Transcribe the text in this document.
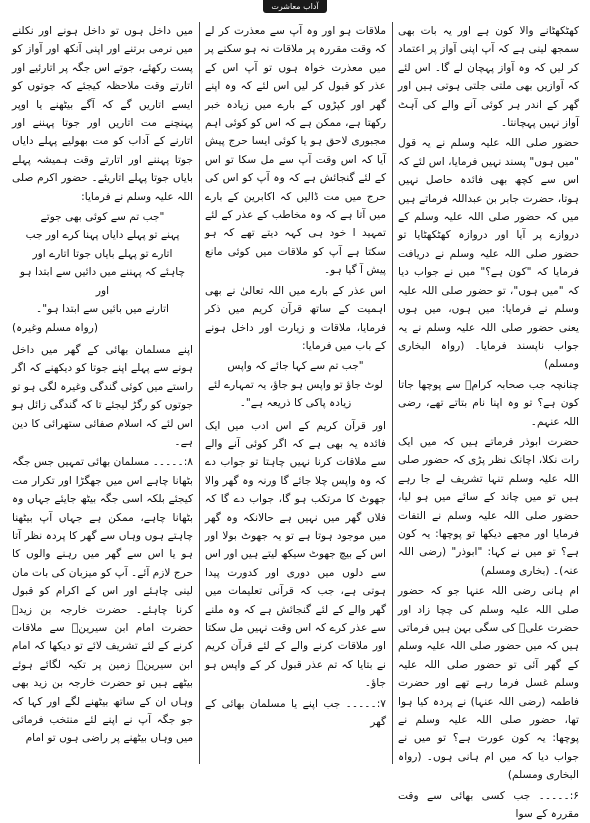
آداب معاشرت

کھٹکھٹانے والا کون ہے اور یہ بات بھی سمجھ لینی ہے کہ آپ اپنی آواز پر اعتماد کر لیں کہ وہ آواز پہچان لے گا۔ اس لئے کہ آوازیں بھی ملتی جلتی ہوتی ہیں اور گھر کے اندر ہر کوئی آنے والے کی آہٹ آواز نہیں پہچانتا۔

حضور صلی اللہ علیہ وسلم نے یہ قول "میں ہوں" پسند نہیں فرمایا، اس لئے کہ اس سے کچھ بھی فائدہ حاصل نہیں ہوتا، حضرت جابر بن عبداللہ فرماتے ہیں میں کہ حضور صلی اللہ علیہ وسلم کے دروازے پر آیا اور دروازہ کھٹکھٹایا تو حضور صلی اللہ علیہ وسلم نے دریافت فرمایا کہ "کون ہے؟" میں نے جواب دیا کہ "میں ہوں"، تو حضور صلی اللہ علیہ وسلم نے فرمایا: میں ہوں، میں ہوں یعنی حضور صلی اللہ علیہ وسلم نے یہ جواب ناپسند فرمایا۔ (رواہ البخاری ومسلم)

چنانچہ جب صحابہ کرامؓ سے پوچھا جاتا کون ہے؟ تو وہ اپنا نام بتاتے تھے، رضی اللہ عنہم۔

حضرت ابوذر فرماتے ہیں کہ میں ایک رات نکلا، اچانک نظر پڑی کہ حضور صلی اللہ علیہ وسلم تنہا تشریف لے جا رہے ہیں تو میں چاند کے سائے میں ہو لیا، حضور صلی اللہ علیہ وسلم نے التفات فرمایا اور مجھے دیکھا تو پوچھا: یہ کون ہے؟ تو میں نے کہا: "ابوذر" (رضی اللہ عنہ)۔ (بخاری ومسلم)

ام ہانی رضی اللہ عنہا جو کہ حضور صلی اللہ علیہ وسلم کی چچا زاد اور حضرت علیؓ کی سگی بہن ہیں فرماتی ہیں کہ میں حضور صلی اللہ علیہ وسلم کے گھر آئی تو حضور صلی اللہ علیہ وسلم غسل فرما رہے تھے اور حضرت فاطمہ (رضی اللہ عنہا) نے پردہ کیا ہوا تھا، حضور صلی اللہ علیہ وسلم نے پوچھا: یہ کون عورت ہے؟ تو میں نے جواب دیا کہ میں ام ہانی ہوں۔ (رواہ البخاری ومسلم)

۶:۔۔۔۔۔ جب کسی بھائی سے وقت مقررہ کے سوا

ملاقات ہو اور وہ آپ سے معذرت کر لے کہ وقت مقررہ پر ملاقات نہ ہو سکنے پر میں معذرت خواہ ہوں تو آپ اس کے عذر کو قبول کر لیں اس لئے کہ وہ اپنے گھر اور کپڑوں کے بارے میں زیادہ خبر رکھتا ہے، ممکن ہے کہ اس کو کوئی اہم مجبوری لاحق ہو یا کوئی ایسا حرج پیش آیا کہ اس وقت آپ سے مل سکا تو اس کے لئے گنجائش ہے کہ وہ آپ کو اس کی حرج میں مت ڈالیں کہ اکابرین کے بارے میں آتا ہے کہ وہ مخاطب کے عذر کے لئے تمہید ا خود ہی کہہ دیتے تھے کہ ہو سکتا ہے آپ کو ملاقات میں کوئی مانع پیش آ گیا ہو۔

اس عذر کے بارے میں اللہ تعالیٰ نے بھی اہمیت کے ساتھ قرآن کریم میں ذکر فرمایا، ملاقات و زیارت اور داخل ہونے کے باب میں فرمایا:

"جب تم سے کہا جائے کہ واپس
لوٹ جاؤ تو واپس ہو جاؤ، یہ تمہارے لئے
زیادہ پاکی کا ذریعہ ہے"۔

اور قرآن کریم کے اس ادب میں ایک فائدہ یہ بھی ہے کہ اگر کوئی آنے والے سے ملاقات کرنا نہیں چاہتا تو جواب دے کہ وہ واپس چلا جائے گا ورنہ وہ گھر والا جھوٹ کا مرتکب ہو گا، جواب دے گا کہ فلاں گھر میں نہیں ہے حالانکہ وہ گھر میں موجود ہوتا ہے تو یہ جھوٹ بولا اور اس کے بیچ جھوٹ سیکھ لیتے ہیں اور اس سے دلوں میں دوری اور کدورت پیدا ہوتی ہے، جب کہ قرآنی تعلیمات میں گھر والے کے لئے گنجائش ہے کہ وہ ملنے سے عذر کرے کہ اس وقت نہیں مل سکتا اور ملاقات کرنے والے کے لئے قرآن کریم نے بتایا کہ تم عذر قبول کر کے واپس ہو جاؤ۔

۷:۔۔۔۔۔ جب اپنے یا مسلمان بھائی کے گھر

میں داخل ہوں تو داخل ہونے اور نکلنے میں نرمی برتنے اور اپنی آنکھ اور آواز کو پست رکھئے، جوتے اس جگہ پر اتارئیے اور اتارتے وقت ملاحظہ کیجئے کہ جوتوں کو ایسے اتاریں گے کہ آگے بیٹھنے یا اوپر پہنچنے مت اتاریں اور جوتا پہننے اور اتارنے کے آداب کو مت بھولیے پہلے دایاں جوتا پہننے اور اتارتے وقت ہمیشہ پہلے بایاں جوتا پہلے اتاریئے۔ حضور اکرم صلی اللہ علیہ وسلم نے فرمایا:

"جب تم سے کوئی بھی جوتے
پہنے تو پہلے دایاں پہنا کرے اور جب
اتارے تو پہلے بایاں جوتا اتارے اور
چاہئے کہ پہننے میں دائیں سے ابتدا ہو اور
اتارنے میں بائیں سے ابتدا ہو"۔
(رواہ مسلم وغیرہ)

اپنے مسلمان بھائی کے گھر میں داخل ہونے سے پہلے اپنے جوتا کو دیکھنے کہ اگر راستے میں کوئی گندگی وغیرہ لگی ہو تو جوتوں کو رگڑ لیجئے تا کہ گندگی زائل ہو اس لئے کہ اسلام صفائی ستھرائی کا دین ہے۔

۸:۔۔۔۔۔ مسلمان بھائی تمہیں جس جگہ بٹھانا چاہے اس میں جھگڑا اور تکرار مت کیجئے بلکہ اسی جگہ بیٹھ جایئے جہاں وہ بٹھانا چاہے، ممکن ہے جہاں آپ بیٹھنا چاہتے ہوں وہاں سے گھر کا پردہ نظر آتا ہو یا اس سے گھر میں رہنے والوں کا حرج لازم آئے۔ آپ کو میزبان کی بات مان لینی چاہئے اور اس کے اکرام کو قبول کرنا چاہئے۔ حضرت خارجہ بن زیدؒ حضرت امام ابن سیرینؒ سے ملاقات کرنے کے لئے تشریف لائے تو دیکھا کہ امام ابن سیرینؒ زمین پر تکیہ لگائے ہوئے بیٹھے ہیں تو حضرت خارجہ بن زید بھی وہاں ان کے ساتھ بیٹھنے لگے اور کہا کہ جو جگہ آپ نے اپنے لئے منتخب فرمائی میں وہاں بیٹھنے پر راضی ہوں تو امام
